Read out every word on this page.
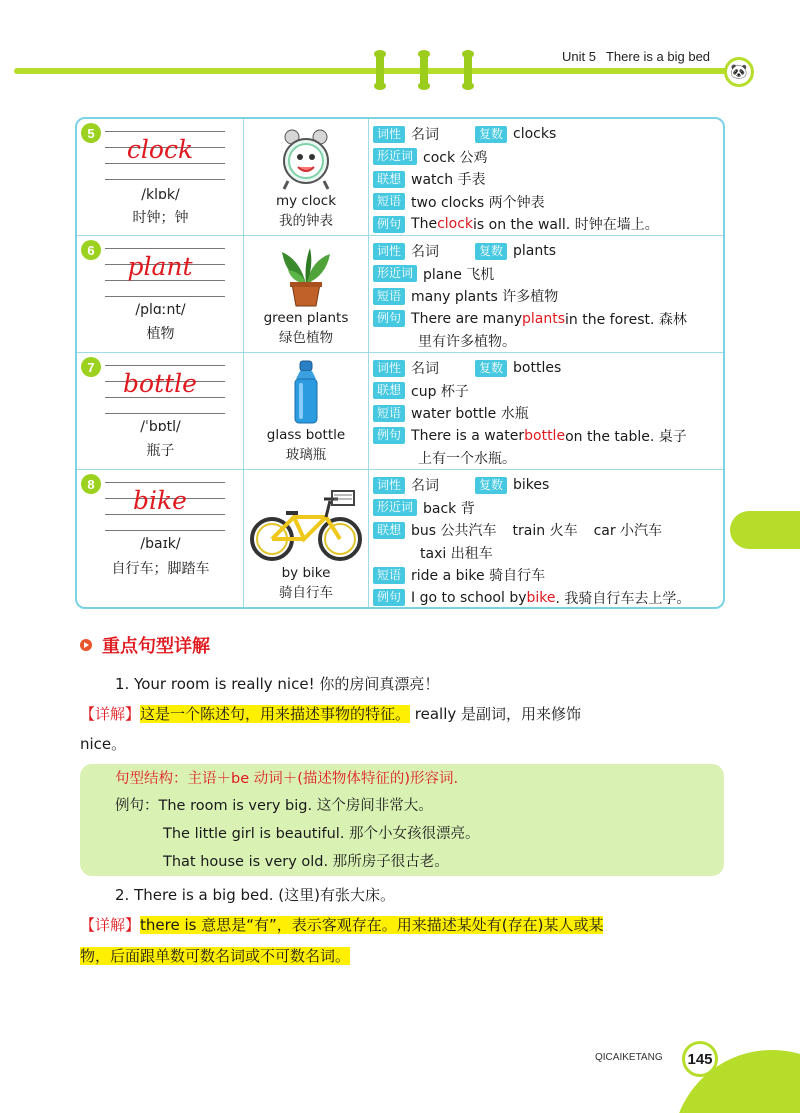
Unit 5 There is a big bed
🐼
5
clock
/klɒk/
时钟；钟
my clock
我的钟表
词性 名词	复数 clocks
形近词 cock 公鸡
联想 watch 手表
短语 two clocks 两个钟表
例句 The clock is on the wall. 时钟在墙上。
6
plant
/plɑːnt/
植物
green plants
绿色植物
词性 名词	复数 plants
形近词 plane 飞机
短语 many plants 许多植物
例句 There are many plants in the forest. 森林
里有许多植物。
7
bottle
/ˈbɒtl/
瓶子
glass bottle
玻璃瓶
词性 名词	复数 bottles
联想 cup 杯子
短语 water bottle 水瓶
例句 There is a water bottle on the table. 桌子
上有一个水瓶。
8
bike
/baɪk/
自行车；脚踏车	by bike
骑自行车
词性 名词	复数 bikes
形近词 back 背
联想 bus 公共汽车 train 火车 car 小汽车
taxi 出租车
短语 ride a bike 骑自行车
例句 I go to school by bike . 我骑自行车去上学。
重点句型详解
1. Your room is really nice! 你的房间真漂亮！
【详解】这是一个陈述句，用来描述事物的特征。 really 是副词，用来修饰
nice。
句型结构：主语＋be 动词＋(描述物体特征的)形容词.
例句：The room is very big. 这个房间非常大。
The little girl is beautiful. 那个小女孩很漂亮。
That house is very old. 那所房子很古老。
2. There is a big bed. (这里)有张大床。
【详解】there is 意思是“有”，表示客观存在。用来描述某处有(存在)某人或某
物，后面跟单数可数名词或不可数名词。
QICAIKETANG	145
